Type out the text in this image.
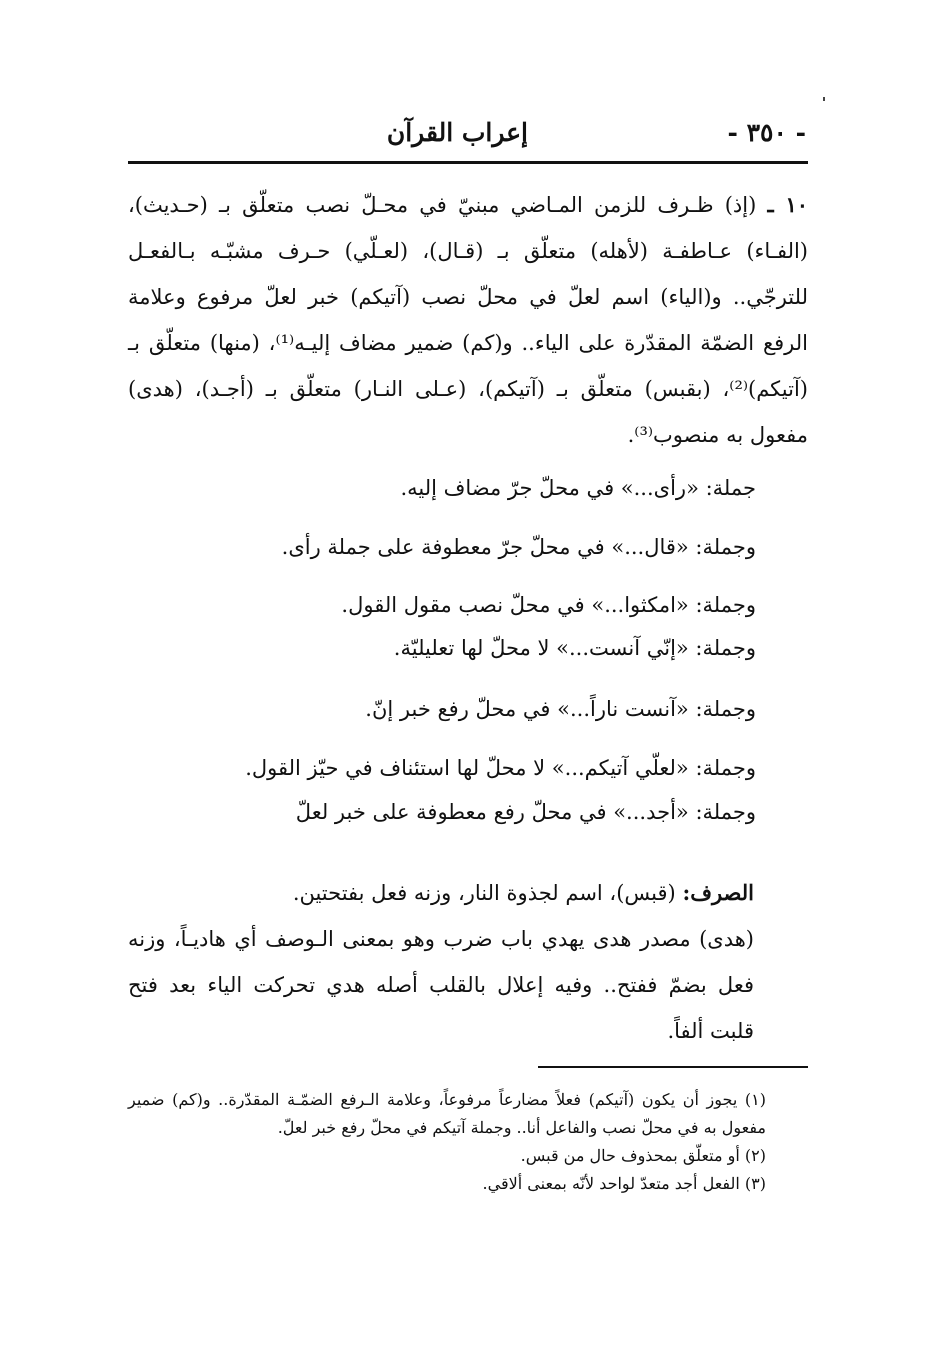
- ٣٥٠ -
إعراب القرآن

١٠ ـ (إذ) ظـرف للزمن المـاضي مبنيّ في محـلّ نصب متعلّق بـ (حـديث)، (الفـاء) عـاطفـة (لأهله) متعلّق بـ (قـال)، (لعـلّي) حـرف مشبّـه بـالفعـل للترجّي.. و(الياء) اسم لعلّ في محلّ نصب (آتيكم) خبر لعلّ مرفوع وعلامة الرفع الضمّة المقدّرة على الياء.. و(كم) ضمير مضاف إليـه⁽¹⁾، (منها) متعلّق بـ (آتيكم)⁽²⁾، (بقبس) متعلّق بـ (آتيكم)، (عـلى النـار) متعلّق بـ (أجـد)، (هدى) مفعول به منصوب⁽³⁾.

جملة: «رأى...» في محلّ جرّ مضاف إليه.
وجملة: «قال...» في محلّ جرّ معطوفة على جملة رأى.
وجملة: «امكثوا...» في محلّ نصب مقول القول.
وجملة: «إنّي آنست...» لا محلّ لها تعليليّة.
وجملة: «آنست ناراً...» في محلّ رفع خبر إنّ.
وجملة: «لعلّي آتيكم...» لا محلّ لها استئناف في حيّز القول.
وجملة: «أجد...» في محلّ رفع معطوفة على خبر لعلّ

الصرف: (قبس)، اسم لجذوة النار، وزنه فعل بفتحتين.

(هدى) مصدر هدى يهدي باب ضرب وهو بمعنى الـوصف أي هاديـاً، وزنه فعل بضمّ ففتح.. وفيه إعلال بالقلب أصله هدي تحركت الياء بعد فتح قلبت ألفاً.

(١) يجوز أن يكون (آتيكم) فعلاً مضارعاً مرفوعاً، وعلامة الـرفع الضمّـة المقدّرة.. و(كم) ضمير مفعول به في محلّ نصب والفاعل أنا.. وجملة آتيكم في محلّ رفع خبر لعلّ.

(٢) أو متعلّق بمحذوف حال من قبس.

(٣) الفعل أجد متعدّ لواحد لأنّه بمعنى ألاقي.
